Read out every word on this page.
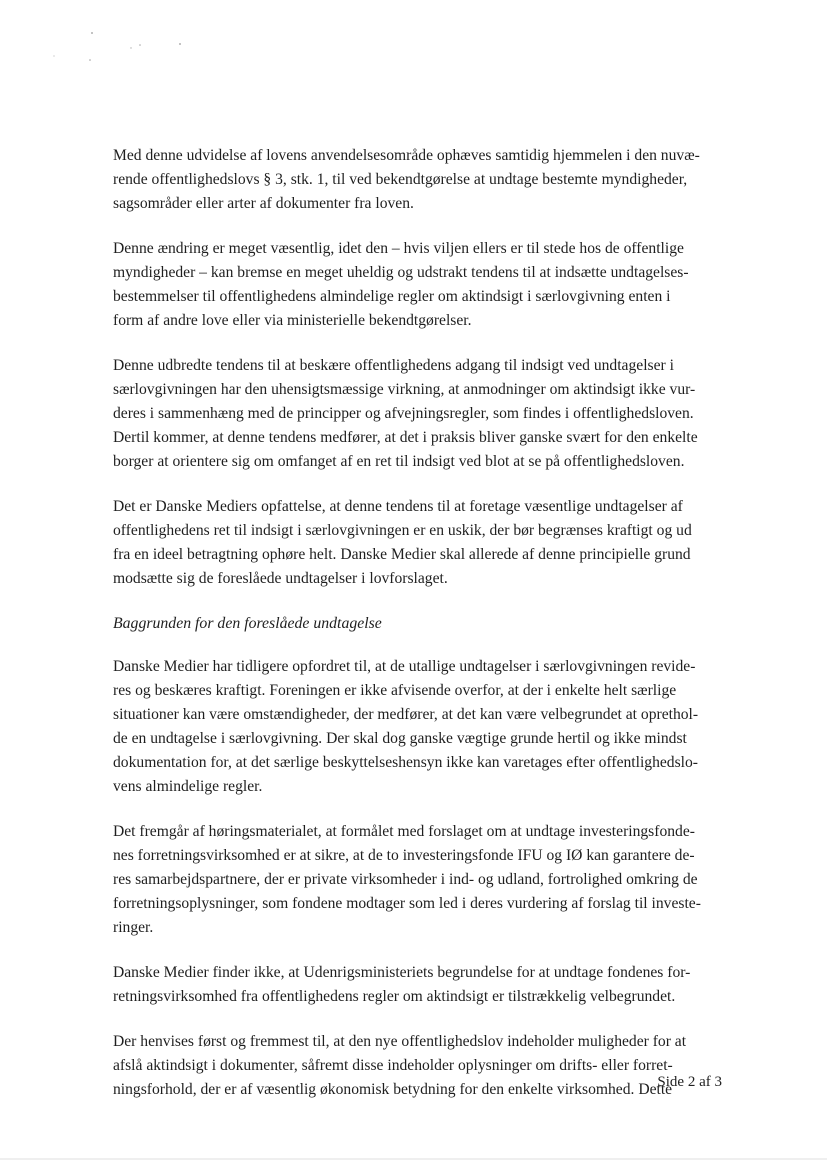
Med denne udvidelse af lovens anvendelsesområde ophæves samtidig hjemmelen i den nuvæ-
rende offentlighedslovs § 3, stk. 1, til ved bekendtgørelse at undtage bestemte myndigheder,
sagsområder eller arter af dokumenter fra loven.

Denne ændring er meget væsentlig, idet den – hvis viljen ellers er til stede hos de offentlige
myndigheder – kan bremse en meget uheldig og udstrakt tendens til at indsætte undtagelses-
bestemmelser til offentlighedens almindelige regler om aktindsigt i særlovgivning enten i
form af andre love eller via ministerielle bekendtgørelser.

Denne udbredte tendens til at beskære offentlighedens adgang til indsigt ved undtagelser i
særlovgivningen har den uhensigtsmæssige virkning, at anmodninger om aktindsigt ikke vur-
deres i sammenhæng med de principper og afvejningsregler, som findes i offentlighedsloven.
Dertil kommer, at denne tendens medfører, at det i praksis bliver ganske svært for den enkelte
borger at orientere sig om omfanget af en ret til indsigt ved blot at se på offentlighedsloven.

Det er Danske Mediers opfattelse, at denne tendens til at foretage væsentlige undtagelser af
offentlighedens ret til indsigt i særlovgivningen er en uskik, der bør begrænses kraftigt og ud
fra en ideel betragtning ophøre helt. Danske Medier skal allerede af denne principielle grund
modsætte sig de foreslåede undtagelser i lovforslaget.

Baggrunden for den foreslåede undtagelse

Danske Medier har tidligere opfordret til, at de utallige undtagelser i særlovgivningen revide-
res og beskæres kraftigt. Foreningen er ikke afvisende overfor, at der i enkelte helt særlige
situationer kan være omstændigheder, der medfører, at det kan være velbegrundet at oprethol-
de en undtagelse i særlovgivning. Der skal dog ganske vægtige grunde hertil og ikke mindst
dokumentation for, at det særlige beskyttelseshensyn ikke kan varetages efter offentlighedslo-
vens almindelige regler.

Det fremgår af høringsmaterialet, at formålet med forslaget om at undtage investeringsfonde-
nes forretningsvirksomhed er at sikre, at de to investeringsfonde IFU og IØ kan garantere de-
res samarbejdspartnere, der er private virksomheder i ind- og udland, fortrolighed omkring de
forretningsoplysninger, som fondene modtager som led i deres vurdering af forslag til investe-
ringer.

Danske Medier finder ikke, at Udenrigsministeriets begrundelse for at undtage fondenes for-
retningsvirksomhed fra offentlighedens regler om aktindsigt er tilstrækkelig velbegrundet.

Der henvises først og fremmest til, at den nye offentlighedslov indeholder muligheder for at
afslå aktindsigt i dokumenter, såfremt disse indeholder oplysninger om drifts- eller forret-
ningsforhold, der er af væsentlig økonomisk betydning for den enkelte virksomhed. Dette

Side 2 af 3
